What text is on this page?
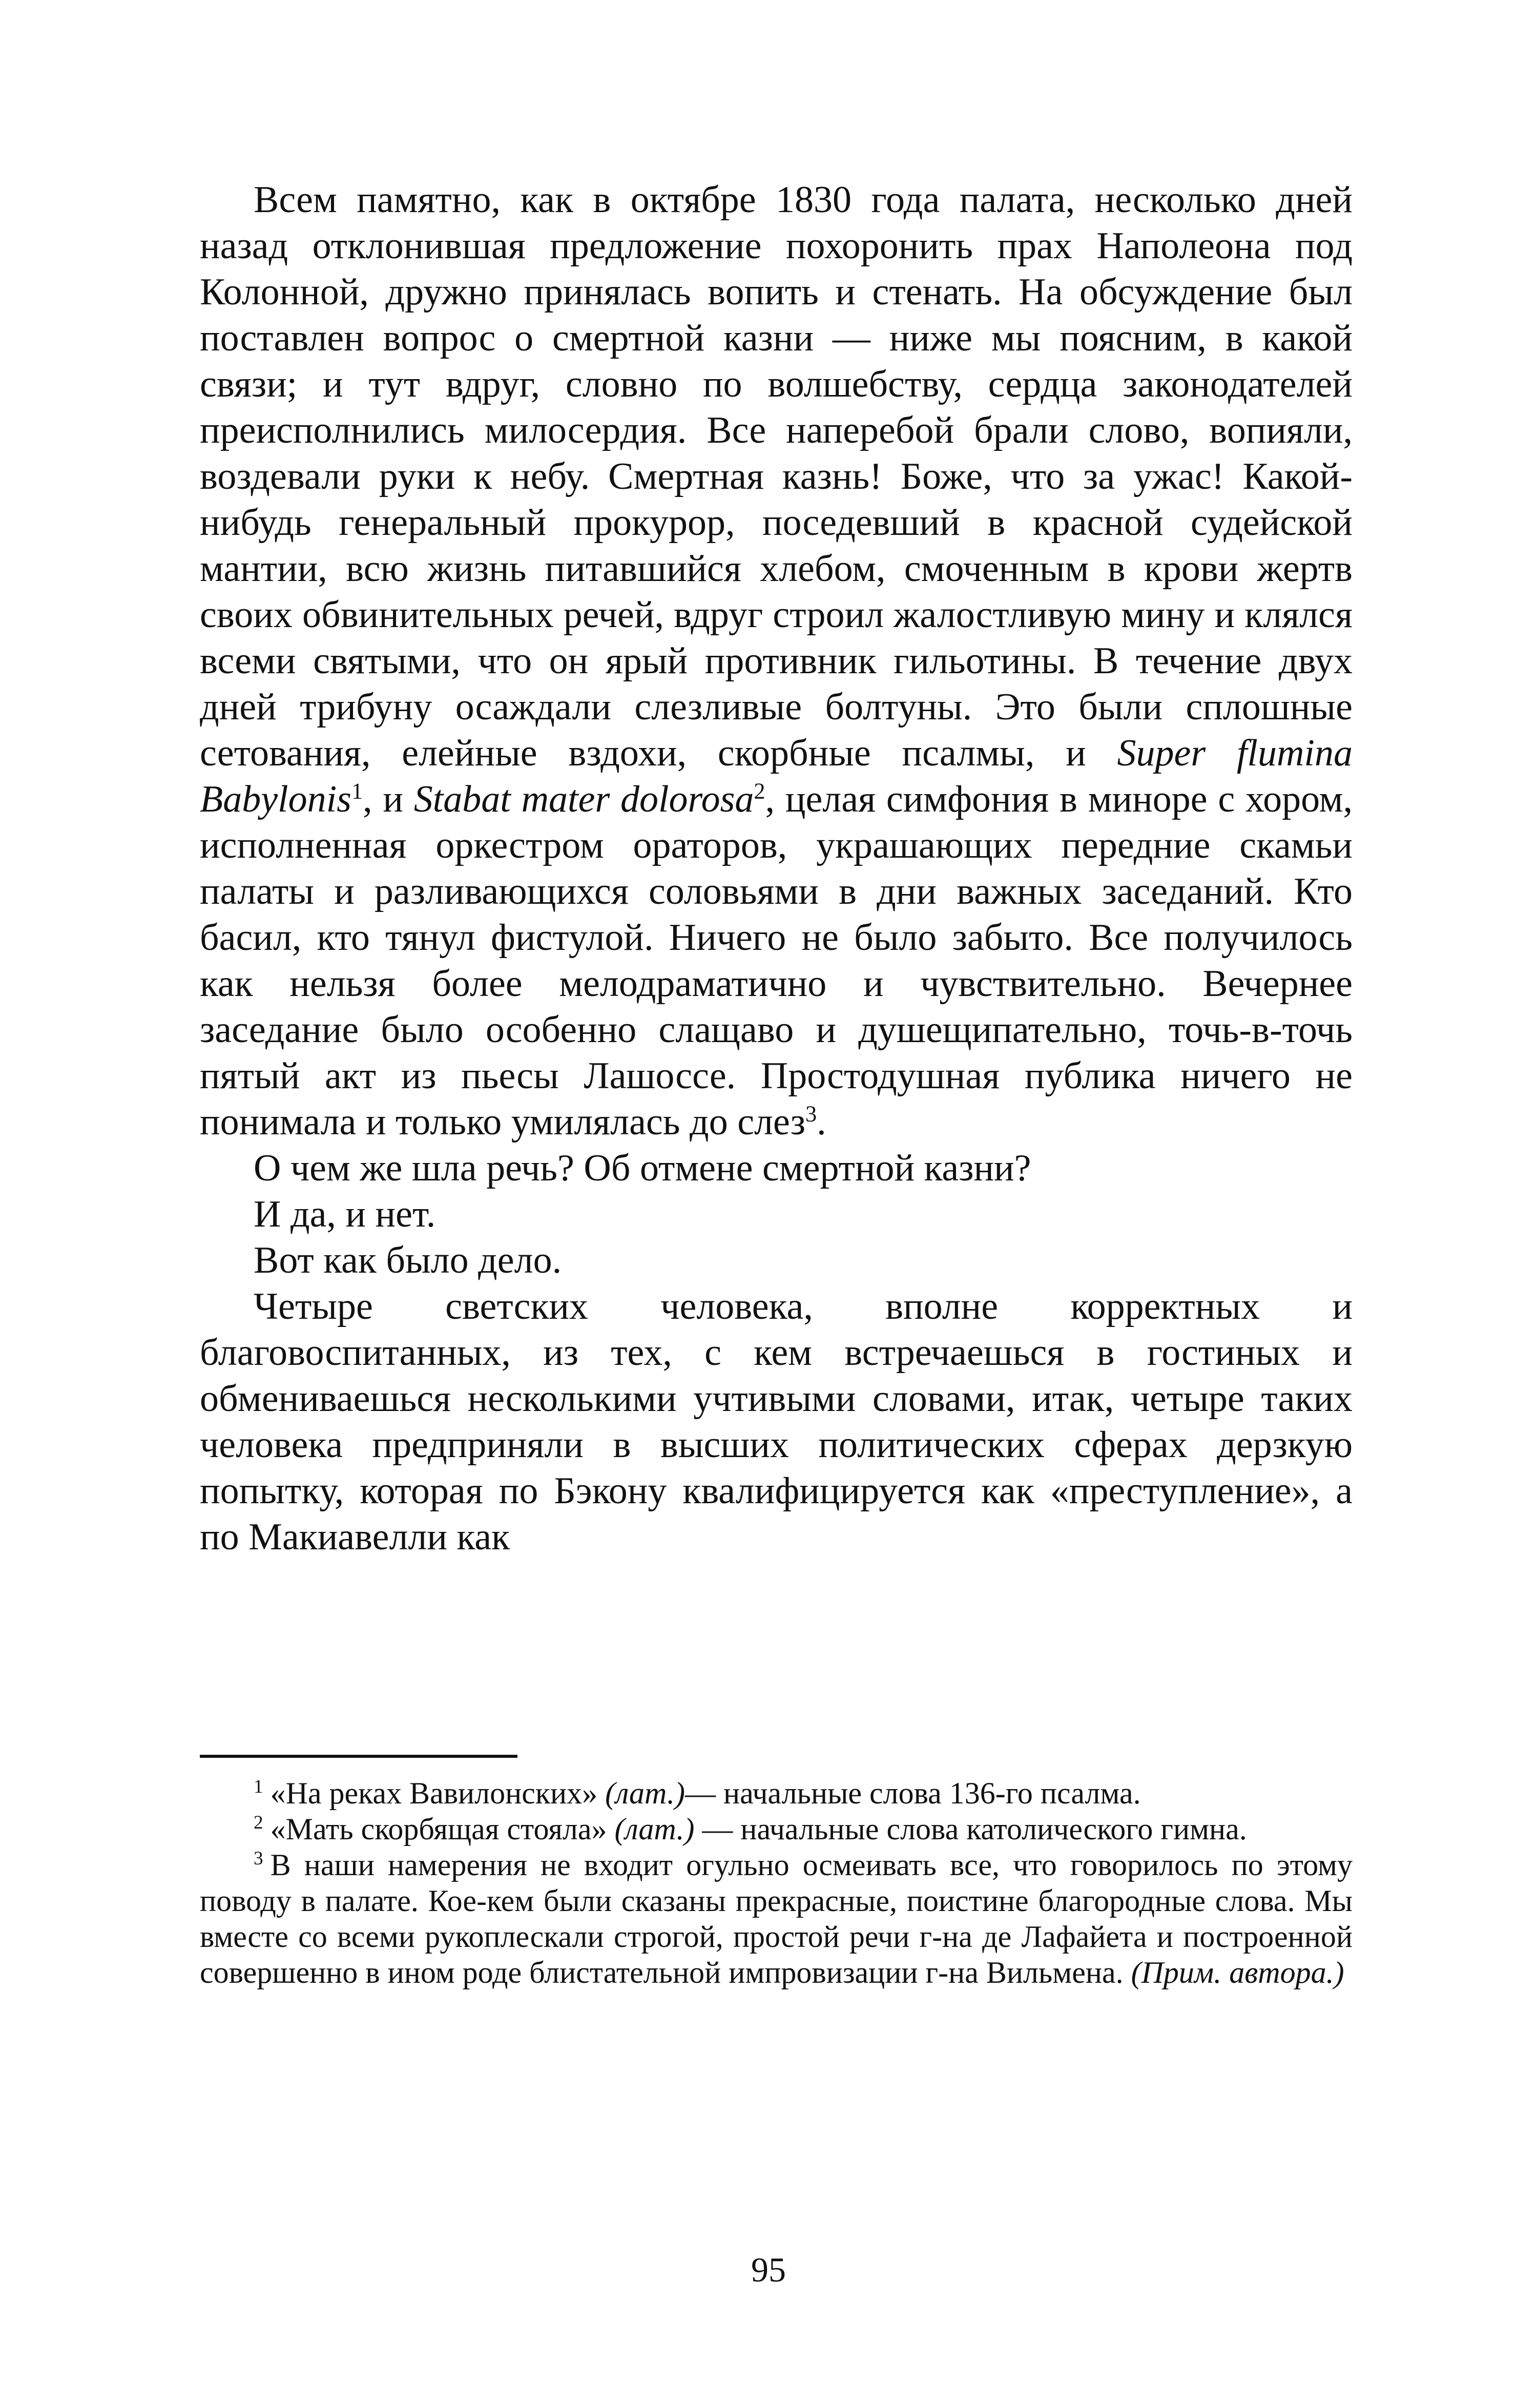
Всем памятно, как в октябре 1830 года палата, несколько дней назад отклонившая предложение похоронить прах Наполеона под Колонной, дружно принялась вопить и стенать. На обсуждение был поставлен вопрос о смертной казни — ниже мы поясним, в какой связи; и тут вдруг, словно по волшебству, сердца законодателей преисполнились милосердия. Все наперебой брали слово, вопияли, воздевали руки к небу. Смертная казнь! Боже, что за ужас! Какой-нибудь генеральный прокурор, поседевший в красной судейской мантии, всю жизнь питавшийся хлебом, смоченным в крови жертв своих обвинительных речей, вдруг строил жалостливую мину и клялся всеми святыми, что он ярый противник гильотины. В течение двух дней трибуну осаждали слезливые болтуны. Это были сплошные сетования, елейные вздохи, скорбные псалмы, и Super flumina Babylonis$^1$, и Stabat mater dolorosa$^2$, целая симфония в миноре с хором, исполненная оркестром ораторов, украшающих передние скамьи палаты и разливающихся соловьями в дни важных заседаний. Кто басил, кто тянул фистулой. Ничего не было забыто. Все получилось как нельзя более мелодраматично и чувствительно. Вечернее заседание было особенно слащаво и душещипательно, точь-в-точь пятый акт из пьесы Лашоссе. Простодушная публика ничего не понимала и только умилялась до слез$^3$.

О чем же шла речь? Об отмене смертной казни?

И да, и нет.

Вот как было дело.

Четыре светских человека, вполне корректных и благовоспитанных, из тех, с кем встречаешься в гостиных и обмениваешься несколькими учтивыми словами, итак, четыре таких человека предприняли в высших политических сферах дерзкую попытку, которая по Бэкону квалифицируется как «преступление», а по Макиавелли как

$^1$ «На реках Вавилонских» (лат.)— начальные слова 136-го псалма.

$^2$ «Мать скорбящая стояла» (лат.) — начальные слова католического гимна.

$^3$ В наши намерения не входит огульно осмеивать все, что говорилось по этому поводу в палате. Кое-кем были сказаны прекрасные, поистине благородные слова. Мы вместе со всеми рукоплескали строгой, простой речи г-на де Лафайета и построенной совершенно в ином роде блистательной импровизации г-на Вильмена. (Прим. автора.)

95
